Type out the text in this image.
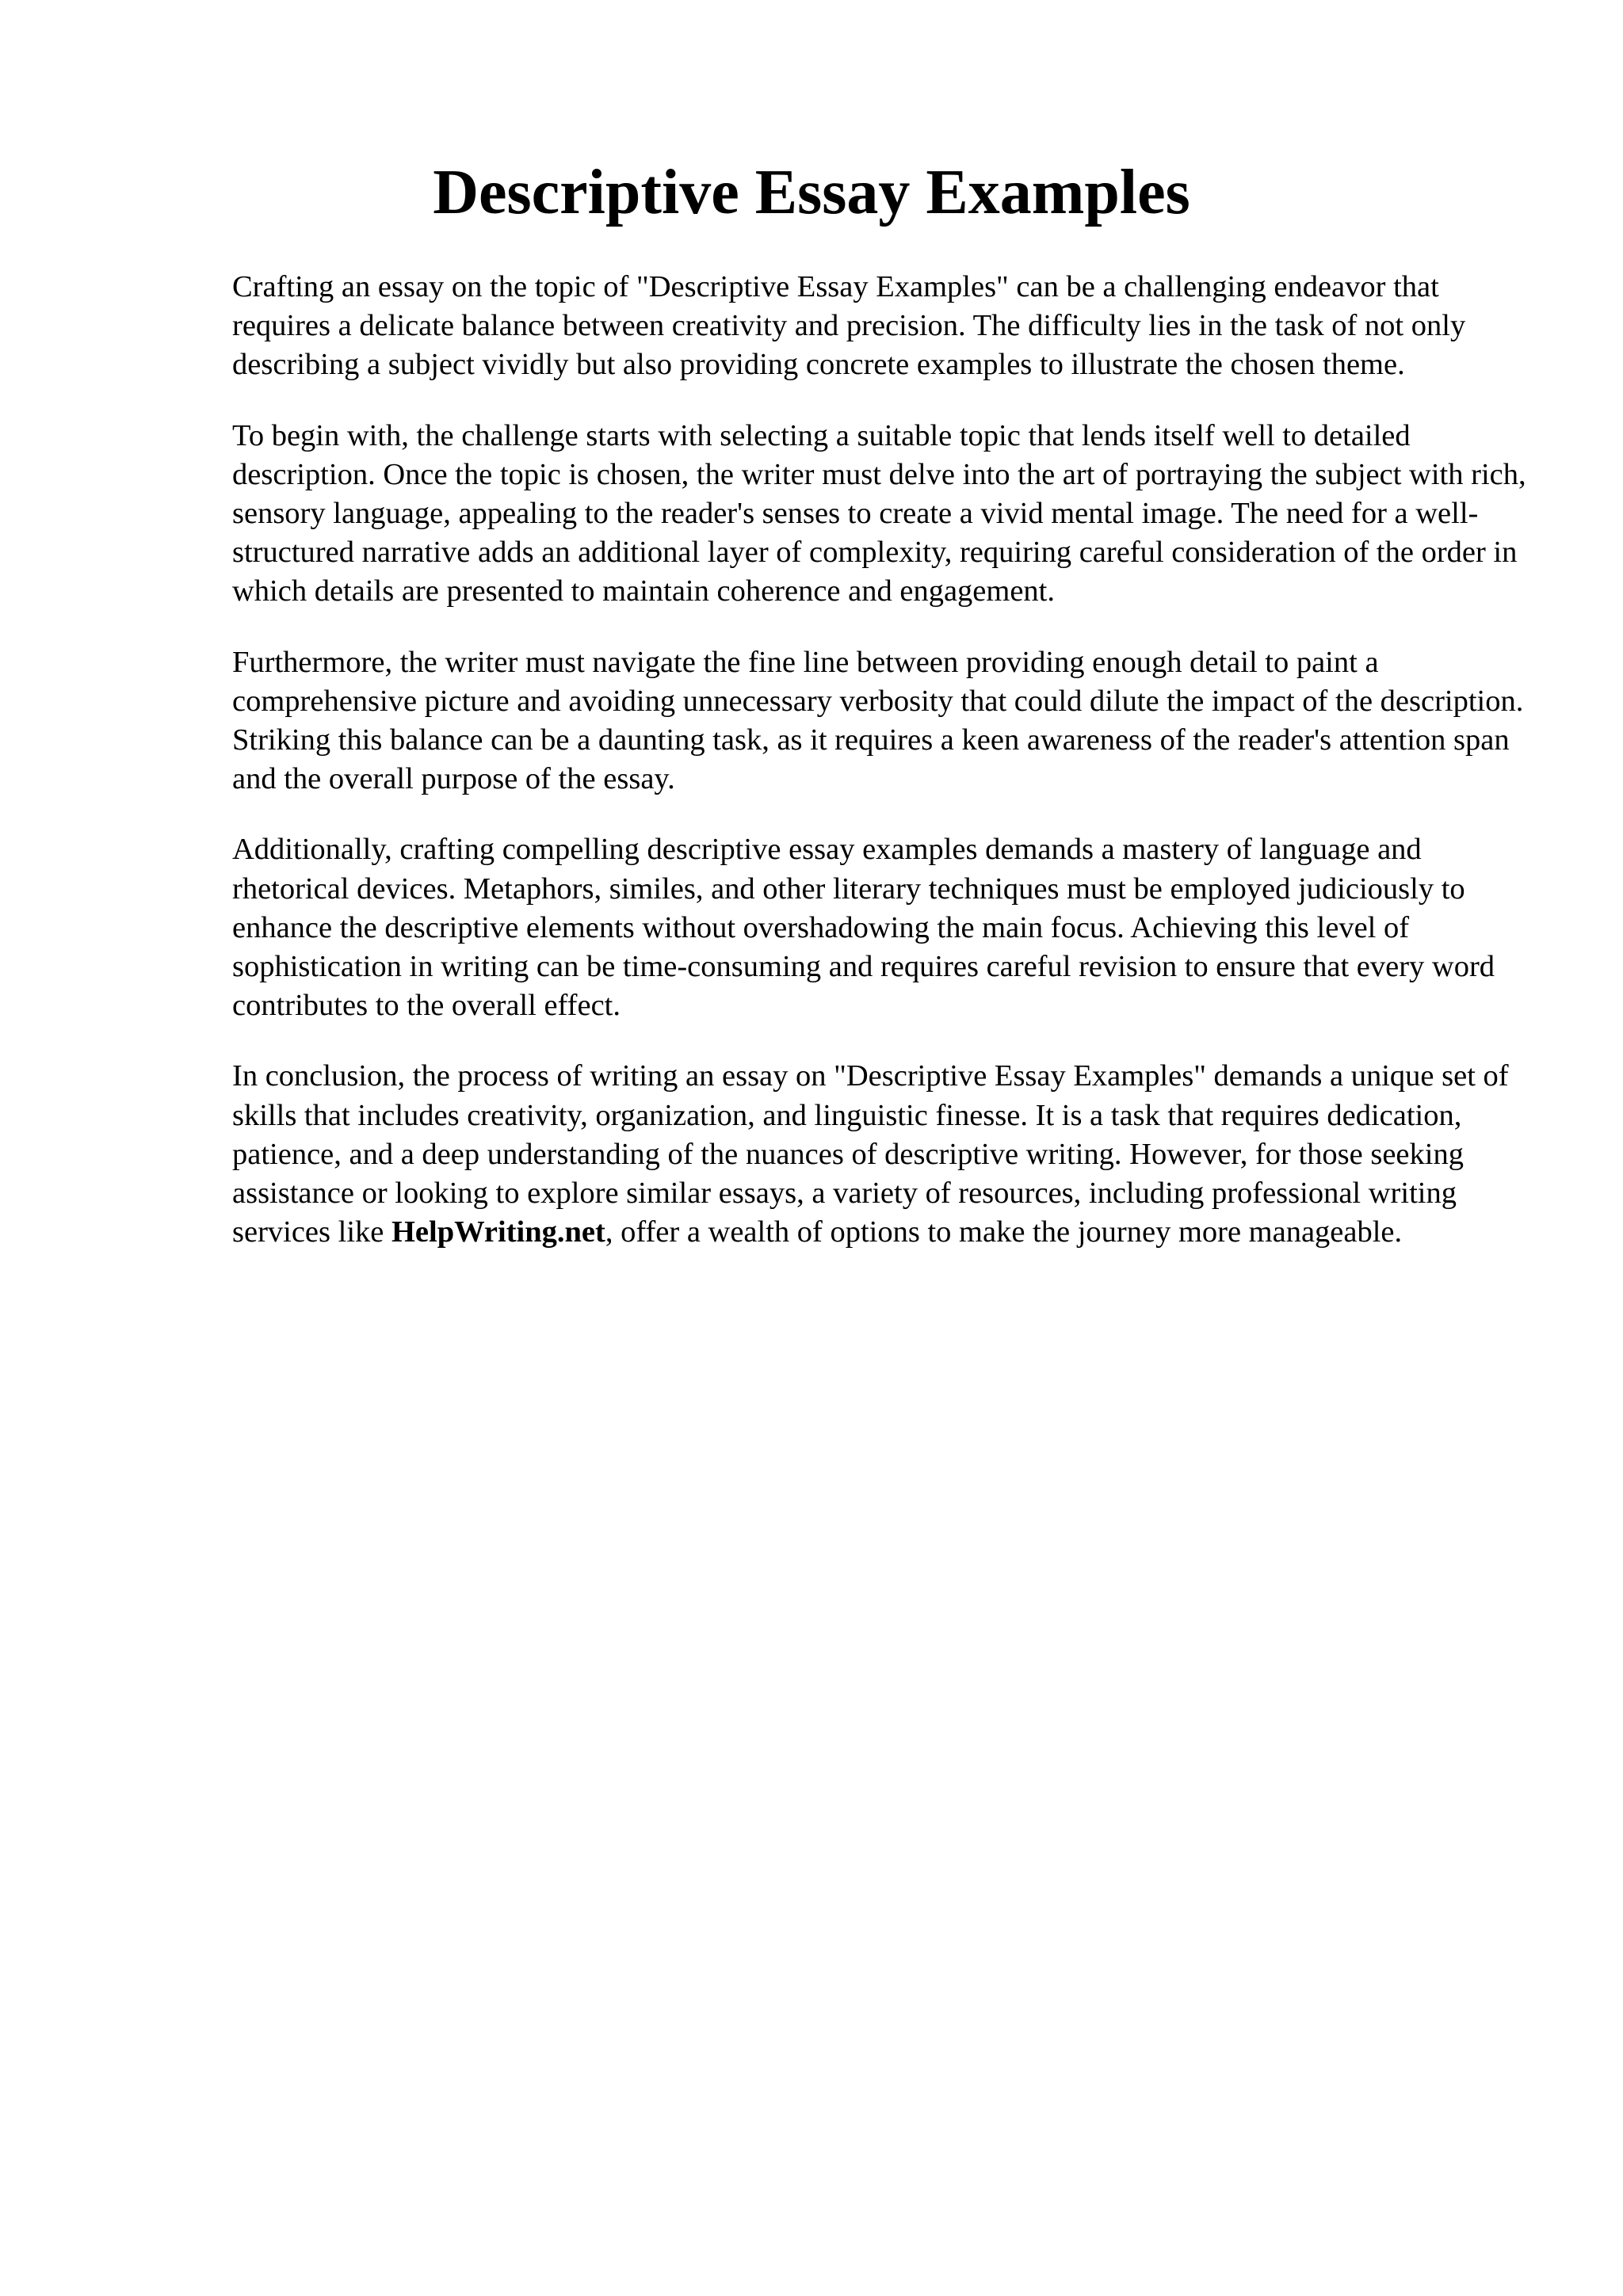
Descriptive Essay Examples

Crafting an essay on the topic of "Descriptive Essay Examples" can be a challenging endeavor that requires a delicate balance between creativity and precision. The difficulty lies in the task of not only describing a subject vividly but also providing concrete examples to illustrate the chosen theme.

To begin with, the challenge starts with selecting a suitable topic that lends itself well to detailed description. Once the topic is chosen, the writer must delve into the art of portraying the subject with rich, sensory language, appealing to the reader's senses to create a vivid mental image. The need for a well-structured narrative adds an additional layer of complexity, requiring careful consideration of the order in which details are presented to maintain coherence and engagement.

Furthermore, the writer must navigate the fine line between providing enough detail to paint a comprehensive picture and avoiding unnecessary verbosity that could dilute the impact of the description. Striking this balance can be a daunting task, as it requires a keen awareness of the reader's attention span and the overall purpose of the essay.

Additionally, crafting compelling descriptive essay examples demands a mastery of language and rhetorical devices. Metaphors, similes, and other literary techniques must be employed judiciously to enhance the descriptive elements without overshadowing the main focus. Achieving this level of sophistication in writing can be time-consuming and requires careful revision to ensure that every word contributes to the overall effect.

In conclusion, the process of writing an essay on "Descriptive Essay Examples" demands a unique set of skills that includes creativity, organization, and linguistic finesse. It is a task that requires dedication, patience, and a deep understanding of the nuances of descriptive writing. However, for those seeking assistance or looking to explore similar essays, a variety of resources, including professional writing services like HelpWriting.net, offer a wealth of options to make the journey more manageable.
